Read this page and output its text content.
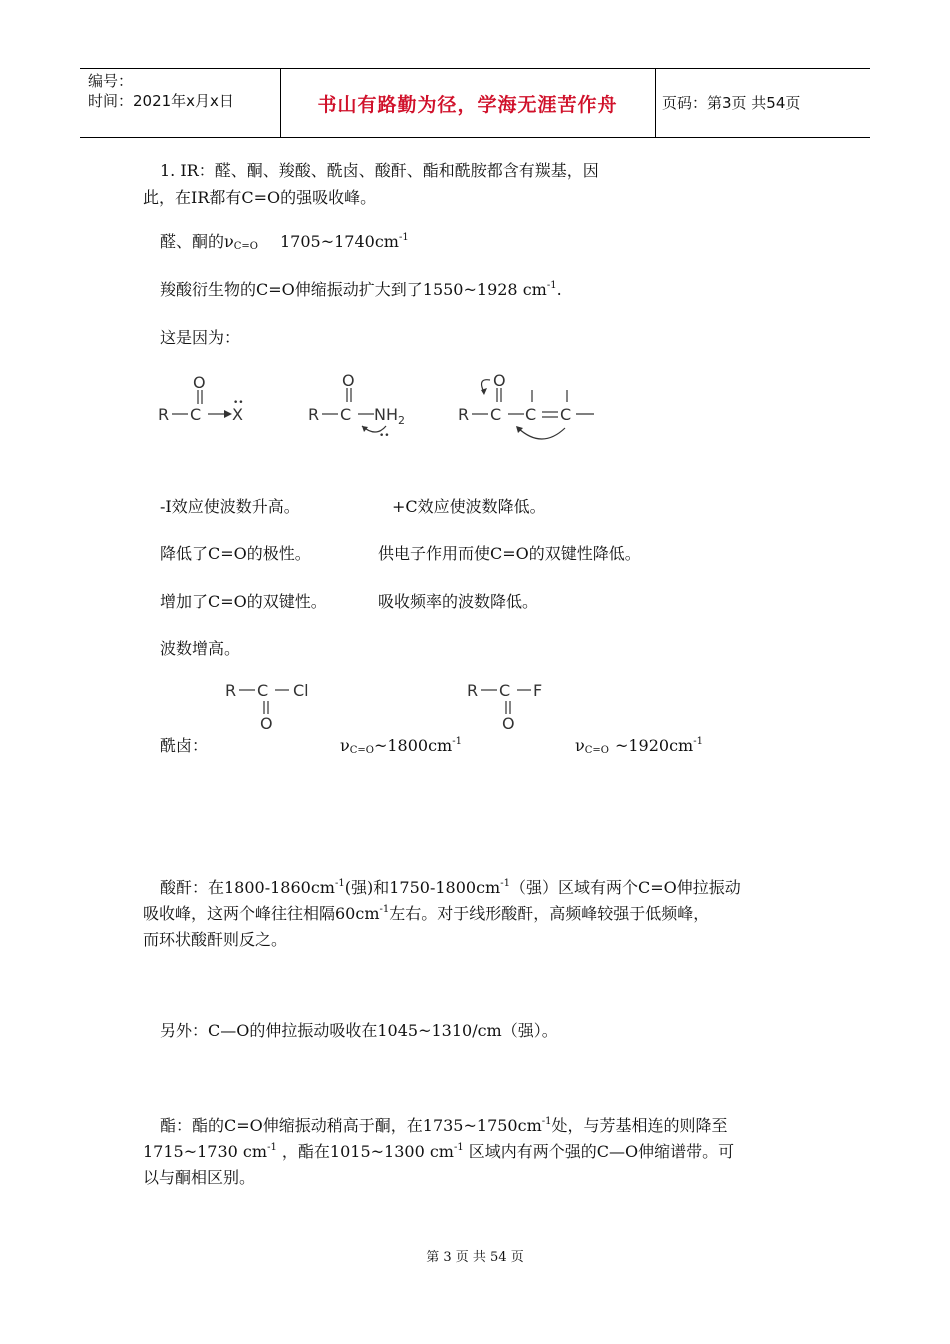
编号：
时间：2021年x月x日	书山有路勤为径，学海无涯苦作舟	页码：第3页 共54页
1. IR：醛、酮、羧酸、酰卤、酸酐、酯和酰胺都含有羰基，因
此，在IR都有C=O的强吸收峰。
醛、酮的$\nu_{C=O}$ $1705\sim 1740cm^{-1}$
羧酸衍生物的C=O伸缩振动扩大到了1550~1928 $cm^{-1}$.
这是因为：
R C
O
X
••
R C
O
NH 2
••
R C
O
C C
-I效应使波数升高。	+C效应使波数降低。
降低了C=O的极性。	供电子作用而使C=O的双键性降低。
增加了C=O的双键性。	吸收频率的波数降低。
波数增高。
R C
O
Cl	R C
O
F
酰卤：	$\nu_{C=O}\sim 1800cm^{-1}$	$\nu_{C=O}$ $\sim 1920cm^{-1}$
酸酐：在$1800-1860cm^{-1}$(强)和$1750-1800cm^{-1}$（强）区域有两个C=O伸拉振动
吸收峰，这两个峰往往相隔$60cm^{-1}$左右。对于线形酸酐，高频峰较强于低频峰，
而环状酸酐则反之。
另外：C—O的伸拉振动吸收在1045~1310/cm（强）。
酯：酯的C=O伸缩振动稍高于酮，在$1735\sim 1750cm^{-1}$处，与芳基相连的则降至
1715~1730 $cm^{-1}$ ，酯在1015~1300 $cm^{-1}$ 区域内有两个强的C—O伸缩谱带。可
以与酮相区别。
第 3 页 共 54 页
